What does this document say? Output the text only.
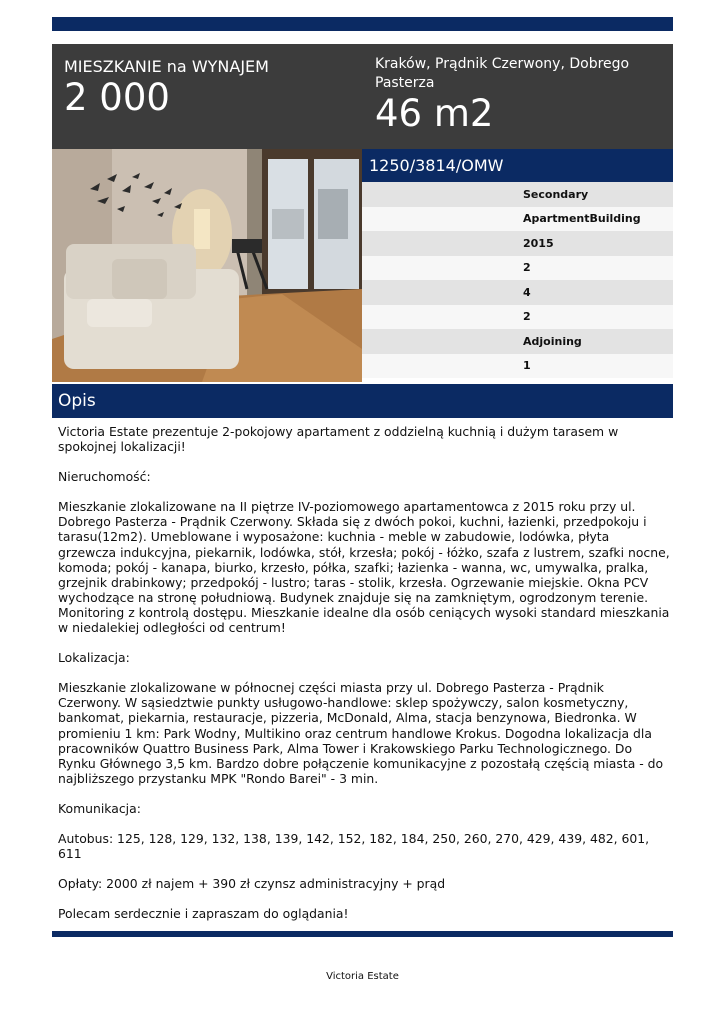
MIESZKANIE na WYNAJEM
2 000
Kraków, Prądnik Czerwony, Dobrego Pasterza
46 m2
1250/3814/OMW
Secondary
ApartmentBuilding
2015
2
4
2
Adjoining
1
Opis
Victoria Estate prezentuje 2-pokojowy apartament z oddzielną kuchnią i dużym tarasem w spokojnej lokalizacji!
Nieruchomość:
Mieszkanie zlokalizowane na II piętrze IV-poziomowego apartamentowca z 2015 roku przy ul. Dobrego Pasterza - Prądnik Czerwony. Składa się z dwóch pokoi, kuchni, łazienki, przedpokoju i tarasu(12m2). Umeblowane i wyposażone: kuchnia - meble w zabudowie, lodówka, płyta grzewcza indukcyjna, piekarnik, lodówka, stół, krzesła; pokój - łóżko, szafa z lustrem, szafki nocne, komoda; pokój - kanapa, biurko, krzesło, półka, szafki; łazienka - wanna, wc, umywalka, pralka, grzejnik drabinkowy; przedpokój - lustro; taras - stolik, krzesła. Ogrzewanie miejskie. Okna PCV wychodzące na stronę południową. Budynek znajduje się na zamkniętym, ogrodzonym terenie. Monitoring z kontrolą dostępu. Mieszkanie idealne dla osób ceniących wysoki standard mieszkania w niedalekiej odległości od centrum!
Lokalizacja:
Mieszkanie zlokalizowane w północnej części miasta przy ul. Dobrego Pasterza - Prądnik Czerwony. W sąsiedztwie punkty usługowo-handlowe: sklep spożywczy, salon kosmetyczny, bankomat, piekarnia, restauracje, pizzeria, McDonald, Alma, stacja benzynowa, Biedronka. W promieniu 1 km: Park Wodny, Multikino oraz centrum handlowe Krokus. Dogodna lokalizacja dla pracowników Quattro Business Park, Alma Tower i Krakowskiego Parku Technologicznego. Do Rynku Głównego 3,5 km. Bardzo dobre połączenie komunikacyjne z pozostałą częścią miasta - do najbliższego przystanku MPK "Rondo Barei" - 3 min.
Komunikacja:
Autobus: 125, 128, 129, 132, 138, 139, 142, 152, 182, 184, 250, 260, 270, 429, 439, 482, 601, 611
Opłaty: 2000 zł najem + 390 zł czynsz administracyjny + prąd
Polecam serdecznie i zapraszam do oglądania!
Victoria Estate
